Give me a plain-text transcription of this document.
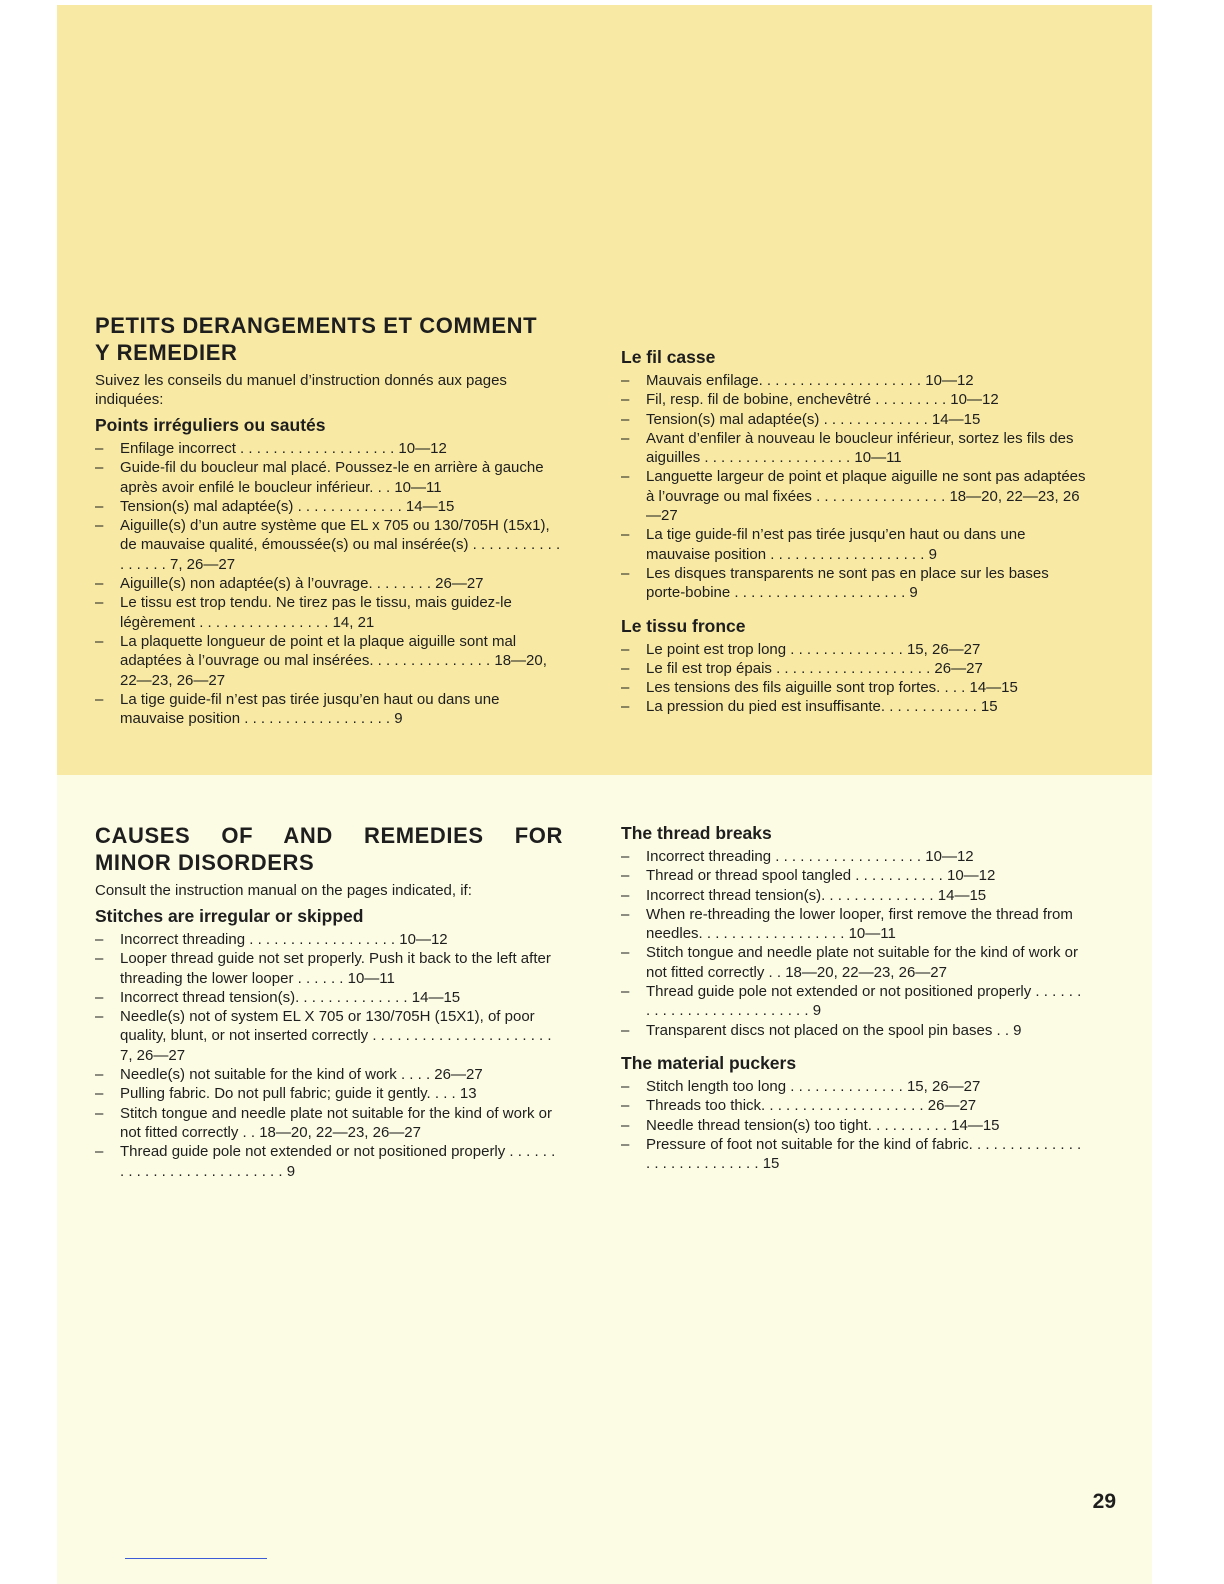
PETITS DERANGEMENTS ET COMMENT
Y REMEDIER

Suivez les conseils du manuel d’instruction donnés aux pages indiquées:

Points irréguliers ou sautés
– Enfilage incorrect . . . . . . . . . . . . . . . . . . . 10—12
– Guide-fil du boucleur mal placé. Poussez-le en arrière à gauche après avoir enfilé le boucleur inférieur. . . 10—11
– Tension(s) mal adaptée(s) . . . . . . . . . . . . . 14—15
– Aiguille(s) d’un autre système que EL x 705 ou 130/705H (15x1), de mauvaise qualité, émoussée(s) ou mal insérée(s) . . . . . . . . . . . . . . . . . 7, 26—27
– Aiguille(s) non adaptée(s) à l’ouvrage. . . . . . . . 26—27
– Le tissu est trop tendu. Ne tirez pas le tissu, mais guidez-le légèrement . . . . . . . . . . . . . . . . 14, 21
– La plaquette longueur de point et la plaque aiguille sont mal adaptées à l’ouvrage ou mal insérées. . . . . . . . . . . . . . . 18—20, 22—23, 26—27
– La tige guide-fil n’est pas tirée jusqu’en haut ou dans une mauvaise position . . . . . . . . . . . . . . . . . . 9
Le fil casse
– Mauvais enfilage. . . . . . . . . . . . . . . . . . . . 10—12
– Fil, resp. fil de bobine, enchevêtré . . . . . . . . . 10—12
– Tension(s) mal adaptée(s) . . . . . . . . . . . . . 14—15
– Avant d’enfiler à nouveau le boucleur inférieur, sortez les fils des aiguilles . . . . . . . . . . . . . . . . . . 10—11
– Languette largeur de point et plaque aiguille ne sont pas adaptées à l’ouvrage ou mal fixées . . . . . . . . . . . . . . . . 18—20, 22—23, 26—27
– La tige guide-fil n’est pas tirée jusqu’en haut ou dans une mauvaise position . . . . . . . . . . . . . . . . . . . 9
– Les disques transparents ne sont pas en place sur les bases porte-bobine . . . . . . . . . . . . . . . . . . . . . 9
Le tissu fronce
– Le point est trop long . . . . . . . . . . . . . . 15, 26—27
– Le fil est trop épais . . . . . . . . . . . . . . . . . . . 26—27
– Les tensions des fils aiguille sont trop fortes. . . . 14—15
– La pression du pied est insuffisante. . . . . . . . . . . . 15
CAUSES OF AND REMEDIES FOR
MINOR DISORDERS

Consult the instruction manual on the pages indicated, if:

Stitches are irregular or skipped
– Incorrect threading . . . . . . . . . . . . . . . . . . 10—12
– Looper thread guide not set properly. Push it back to the left after threading the lower looper . . . . . . 10—11
– Incorrect thread tension(s). . . . . . . . . . . . . . 14—15
– Needle(s) not of system EL X 705 or 130/705H (15X1), of poor quality, blunt, or not inserted correctly . . . . . . . . . . . . . . . . . . . . . . 7, 26—27
– Needle(s) not suitable for the kind of work . . . . 26—27
– Pulling fabric. Do not pull fabric; guide it gently. . . . 13
– Stitch tongue and needle plate not suitable for the kind of work or not fitted correctly . . 18—20, 22—23, 26—27
– Thread guide pole not extended or not positioned properly . . . . . . . . . . . . . . . . . . . . . . . . . . 9
The thread breaks
– Incorrect threading . . . . . . . . . . . . . . . . . . 10—12
– Thread or thread spool tangled . . . . . . . . . . . 10—12
– Incorrect thread tension(s). . . . . . . . . . . . . . 14—15
– When re-threading the lower looper, first remove the thread from needles. . . . . . . . . . . . . . . . . . 10—11
– Stitch tongue and needle plate not suitable for the kind of work or not fitted correctly . . 18—20, 22—23, 26—27
– Thread guide pole not extended or not positioned properly . . . . . . . . . . . . . . . . . . . . . . . . . . 9
– Transparent discs not placed on the spool pin bases . . 9
The material puckers
– Stitch length too long . . . . . . . . . . . . . . 15, 26—27
– Threads too thick. . . . . . . . . . . . . . . . . . . . 26—27
– Needle thread tension(s) too tight. . . . . . . . . . 14—15
– Pressure of foot not suitable for the kind of fabric. . . . . . . . . . . . . . . . . . . . . . . . . . . . 15
29
